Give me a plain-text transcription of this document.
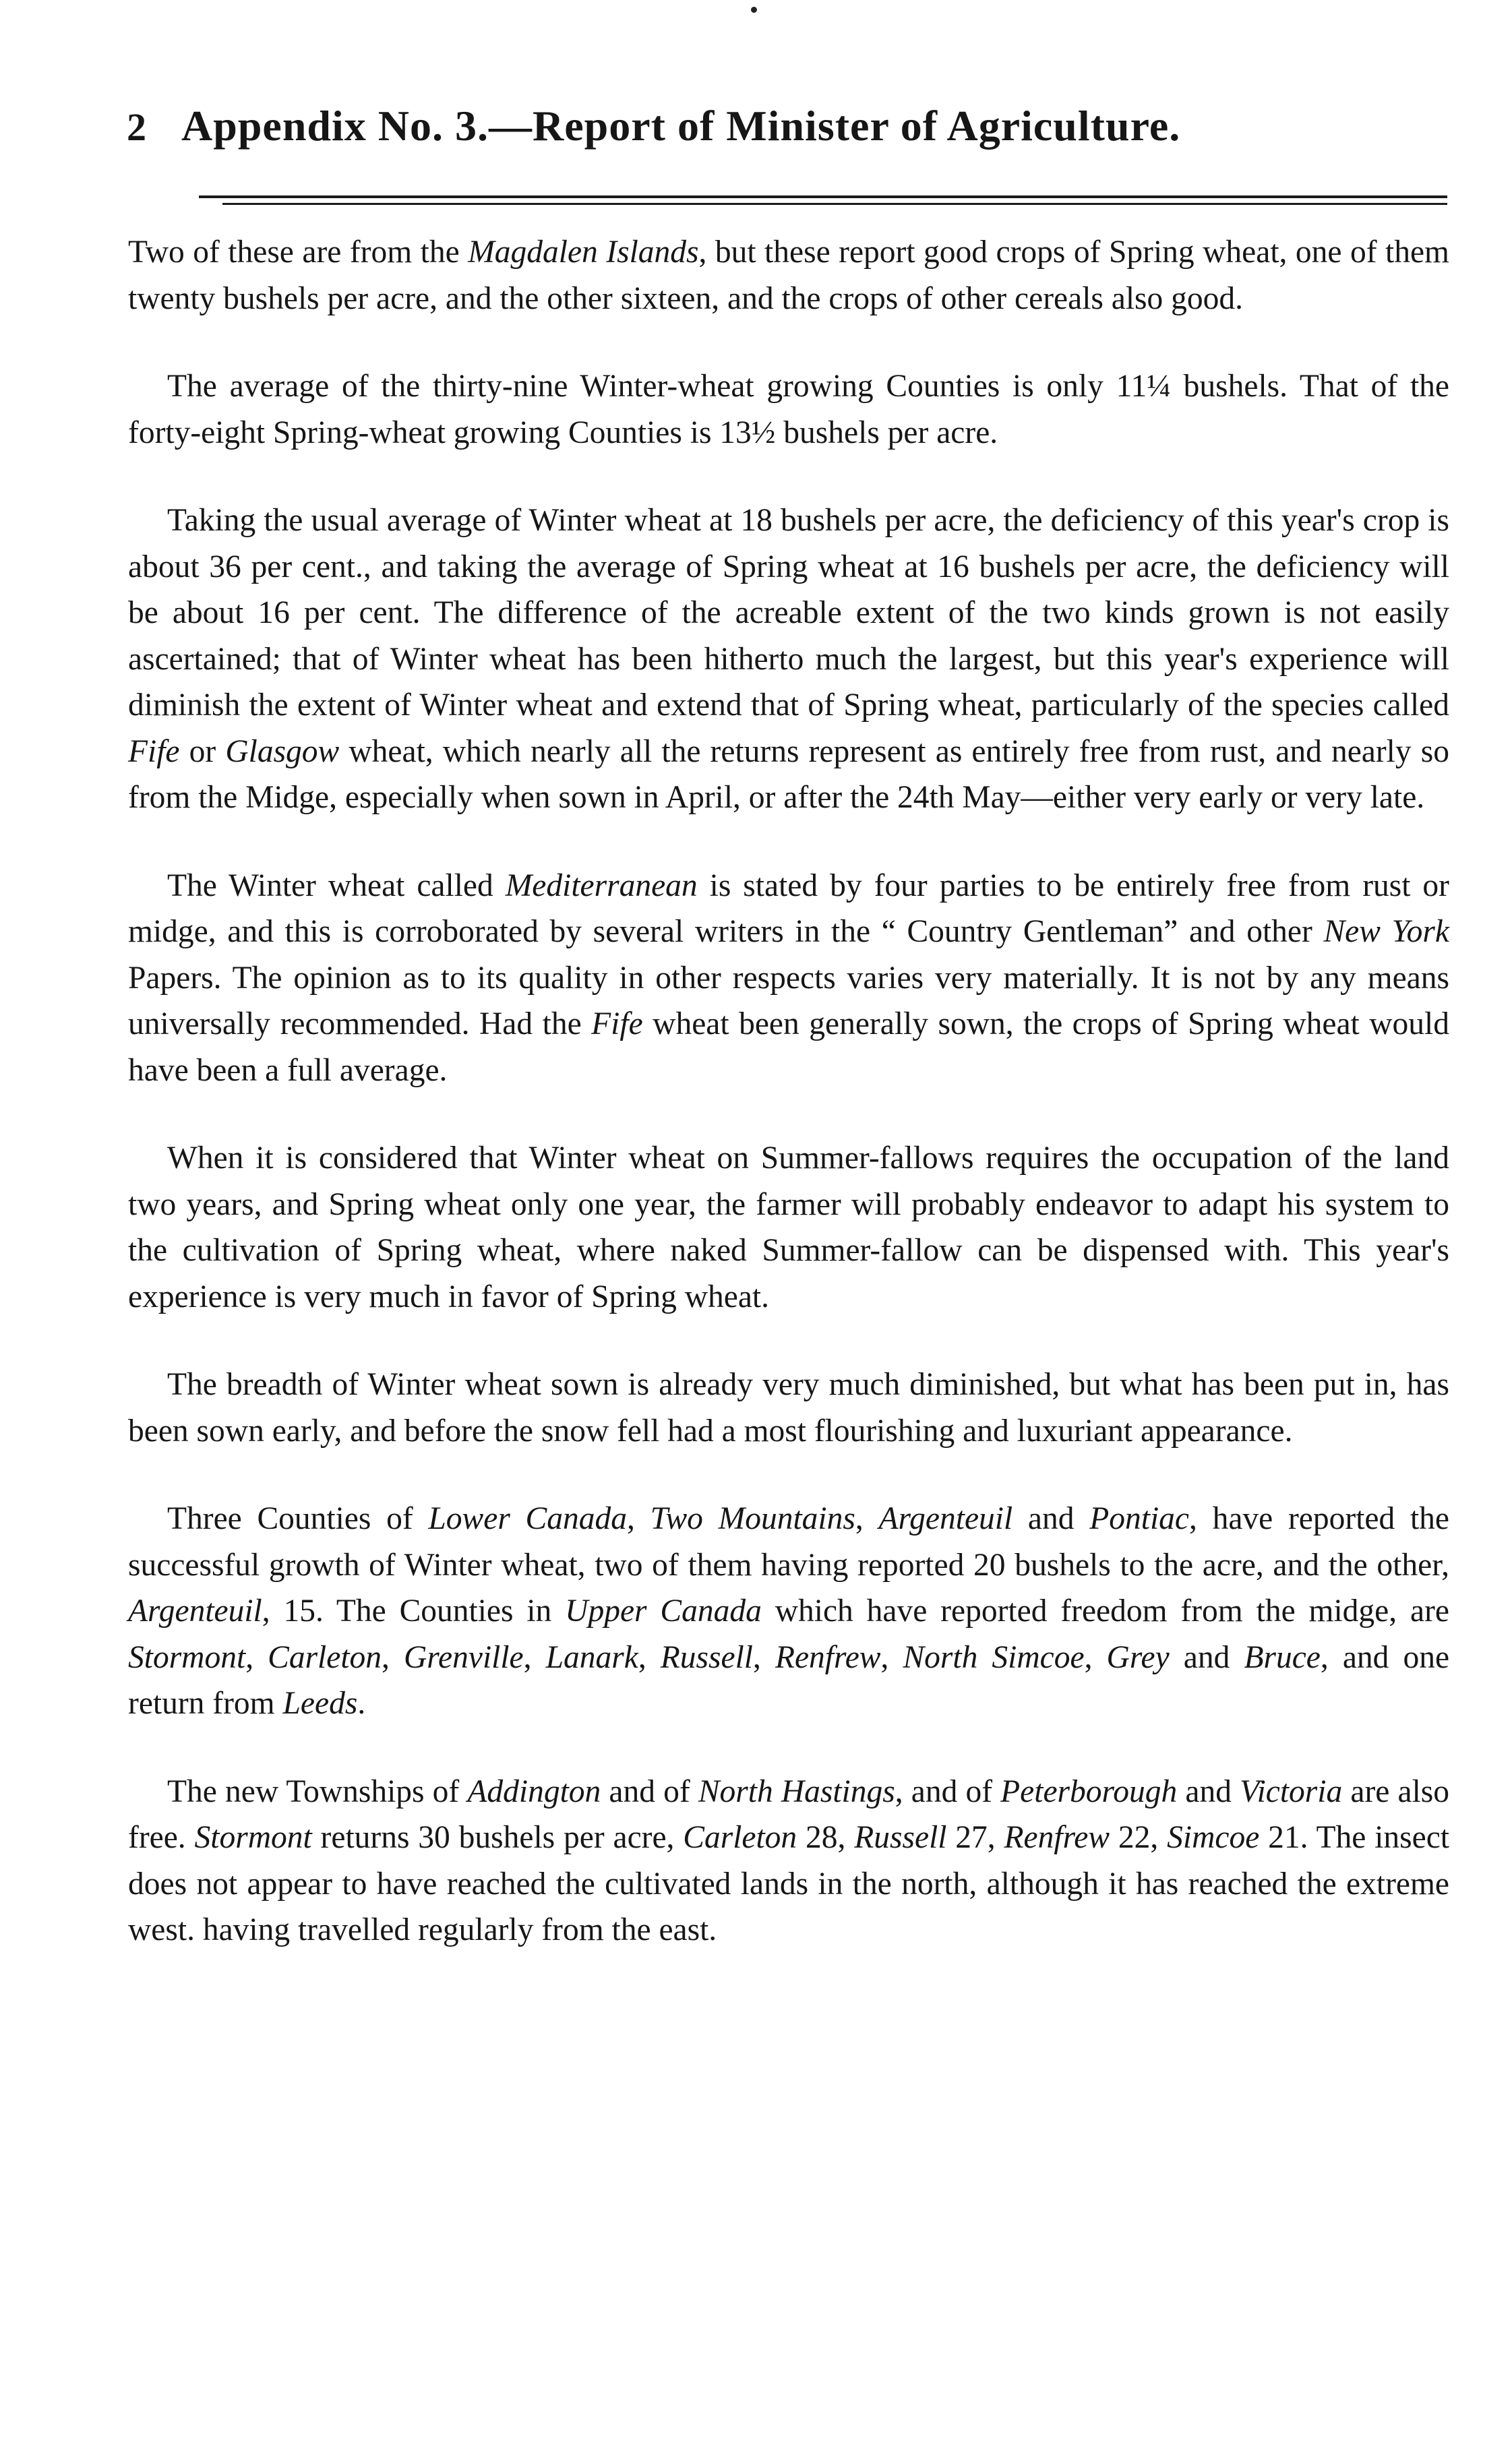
2 Appendix No. 3.—Report of Minister of Agriculture.

Two of these are from the Magdalen Islands, but these report good crops of Spring wheat, one of them twenty bushels per acre, and the other sixteen, and the crops of other cereals also good.

The average of the thirty-nine Winter-wheat growing Counties is only 11¼ bushels. That of the forty-eight Spring-wheat growing Counties is 13½ bushels per acre.

Taking the usual average of Winter wheat at 18 bushels per acre, the deficiency of this year's crop is about 36 per cent., and taking the average of Spring wheat at 16 bushels per acre, the deficiency will be about 16 per cent. The difference of the acreable extent of the two kinds grown is not easily ascertained; that of Winter wheat has been hitherto much the largest, but this year's experience will diminish the extent of Winter wheat and extend that of Spring wheat, particularly of the species called Fife or Glasgow wheat, which nearly all the returns represent as entirely free from rust, and nearly so from the Midge, especially when sown in April, or after the 24th May—either very early or very late.

The Winter wheat called Mediterranean is stated by four parties to be entirely free from rust or midge, and this is corroborated by several writers in the “ Country Gentleman” and other New York Papers. The opinion as to its quality in other respects varies very materially. It is not by any means universally recommended. Had the Fife wheat been generally sown, the crops of Spring wheat would have been a full average.

When it is considered that Winter wheat on Summer-fallows requires the occupation of the land two years, and Spring wheat only one year, the farmer will probably endeavor to adapt his system to the cultivation of Spring wheat, where naked Summer-fallow can be dispensed with. This year's experience is very much in favor of Spring wheat.

The breadth of Winter wheat sown is already very much diminished, but what has been put in, has been sown early, and before the snow fell had a most flourishing and luxuriant appearance.

Three Counties of Lower Canada, Two Mountains, Argenteuil and Pontiac, have reported the successful growth of Winter wheat, two of them having reported 20 bushels to the acre, and the other, Argenteuil, 15. The Counties in Upper Canada which have reported freedom from the midge, are Stormont, Carleton, Grenville, Lanark, Russell, Renfrew, North Simcoe, Grey and Bruce, and one return from Leeds.

The new Townships of Addington and of North Hastings, and of Peterborough and Victoria are also free. Stormont returns 30 bushels per acre, Carleton 28, Russell 27, Renfrew 22, Simcoe 21. The insect does not appear to have reached the cultivated lands in the north, although it has reached the extreme west. having travelled regularly from the east.
